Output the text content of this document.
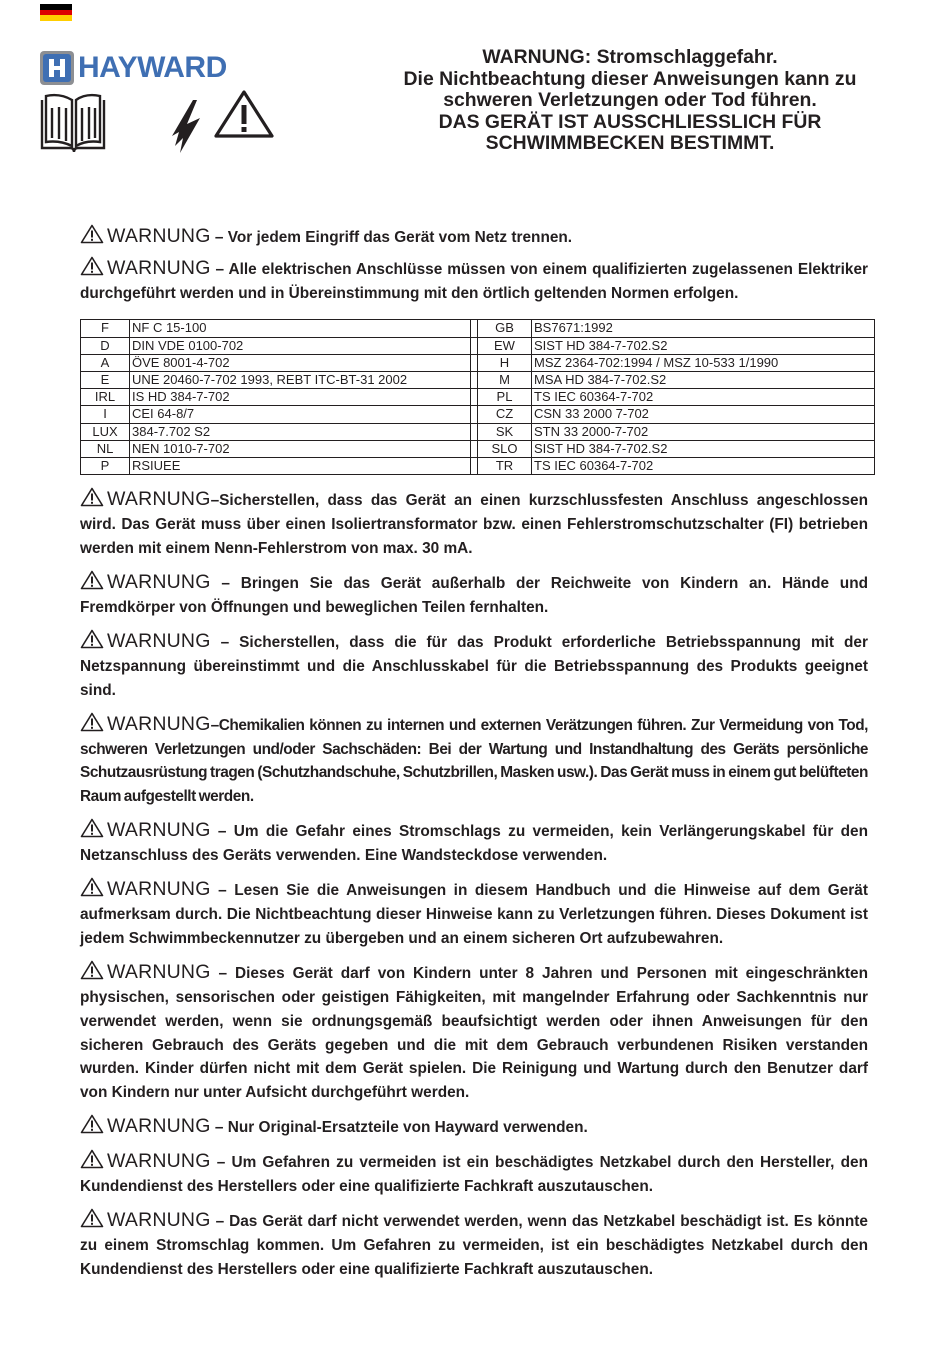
HAYWARD	WARNUNG: Stromschlaggefahr.
Die Nichtbeachtung dieser Anweisungen kann zu
schweren Verletzungen oder Tod führen.
DAS GERÄT IST AUSSCHLIESSLICH FÜR
SCHWIMMBECKEN BESTIMMT.

WARNUNG – Vor jedem Eingriff das Gerät vom Netz trennen.

WARNUNG – Alle elektrischen Anschlüsse müssen von einem qualifizierten zugelassenen Elektriker durchgeführt werden und in Übereinstimmung mit den örtlich geltenden Normen erfolgen.

F	NF C 15-100		GB	BS7671:1992
D	DIN VDE 0100-702		EW	SIST HD 384-7-702.S2
A	ÖVE 8001-4-702		H	MSZ 2364-702:1994 / MSZ 10-533 1/1990
E	UNE 20460-7-702 1993, REBT ITC-BT-31 2002		M	MSA HD 384-7-702.S2
IRL	IS HD 384-7-702		PL	TS IEC 60364-7-702
I	CEI 64-8/7		CZ	CSN 33 2000 7-702
LUX	384-7.702 S2		SK	STN 33 2000-7-702
NL	NEN 1010-7-702		SLO	SIST HD 384-7-702.S2
P	RSIUEE		TR	TS IEC 60364-7-702

WARNUNG–Sicherstellen, dass das Gerät an einen kurzschlussfesten Anschluss angeschlossen wird. Das Gerät muss über einen Isoliertransformator bzw. einen Fehlerstromschutzschalter (FI) betrieben werden mit einem Nenn-Fehlerstrom von max. 30 mA.

WARNUNG – Bringen Sie das Gerät außerhalb der Reichweite von Kindern an. Hände und Fremdkörper von Öffnungen und beweglichen Teilen fernhalten.

WARNUNG – Sicherstellen, dass die für das Produkt erforderliche Betriebsspannung mit der Netzspannung übereinstimmt und die Anschlusskabel für die Betriebsspannung des Produkts geeignet sind.

WARNUNG–Chemikalien können zu internen und externen Verätzungen führen. Zur Vermeidung von Tod, schweren Verletzungen und/oder Sachschäden: Bei der Wartung und Instandhaltung des Geräts persönliche Schutzausrüstung tragen (Schutzhandschuhe, Schutzbrillen, Masken usw.). Das Gerät muss in einem gut belüfteten Raum aufgestellt werden.

WARNUNG – Um die Gefahr eines Stromschlags zu vermeiden, kein Verlängerungskabel für den Netzanschluss des Geräts verwenden. Eine Wandsteckdose verwenden.

WARNUNG – Lesen Sie die Anweisungen in diesem Handbuch und die Hinweise auf dem Gerät aufmerksam durch. Die Nichtbeachtung dieser Hinweise kann zu Verletzungen führen. Dieses Dokument ist jedem Schwimmbeckennutzer zu übergeben und an einem sicheren Ort aufzubewahren.

WARNUNG – Dieses Gerät darf von Kindern unter 8 Jahren und Personen mit eingeschränkten physischen, sensorischen oder geistigen Fähigkeiten, mit mangelnder Erfahrung oder Sachkenntnis nur verwendet werden, wenn sie ordnungsgemäß beaufsichtigt werden oder ihnen Anweisungen für den sicheren Gebrauch des Geräts gegeben und die mit dem Gebrauch verbundenen Risiken verstanden wurden. Kinder dürfen nicht mit dem Gerät spielen. Die Reinigung und Wartung durch den Benutzer darf von Kindern nur unter Aufsicht durchgeführt werden.

WARNUNG – Nur Original-Ersatzteile von Hayward verwenden.

WARNUNG – Um Gefahren zu vermeiden ist ein beschädigtes Netzkabel durch den Hersteller, den Kundendienst des Herstellers oder eine qualifizierte Fachkraft auszutauschen.

WARNUNG – Das Gerät darf nicht verwendet werden, wenn das Netzkabel beschädigt ist. Es könnte zu einem Stromschlag kommen. Um Gefahren zu vermeiden, ist ein beschädigtes Netzkabel durch den Kundendienst des Herstellers oder eine qualifizierte Fachkraft auszutauschen.
